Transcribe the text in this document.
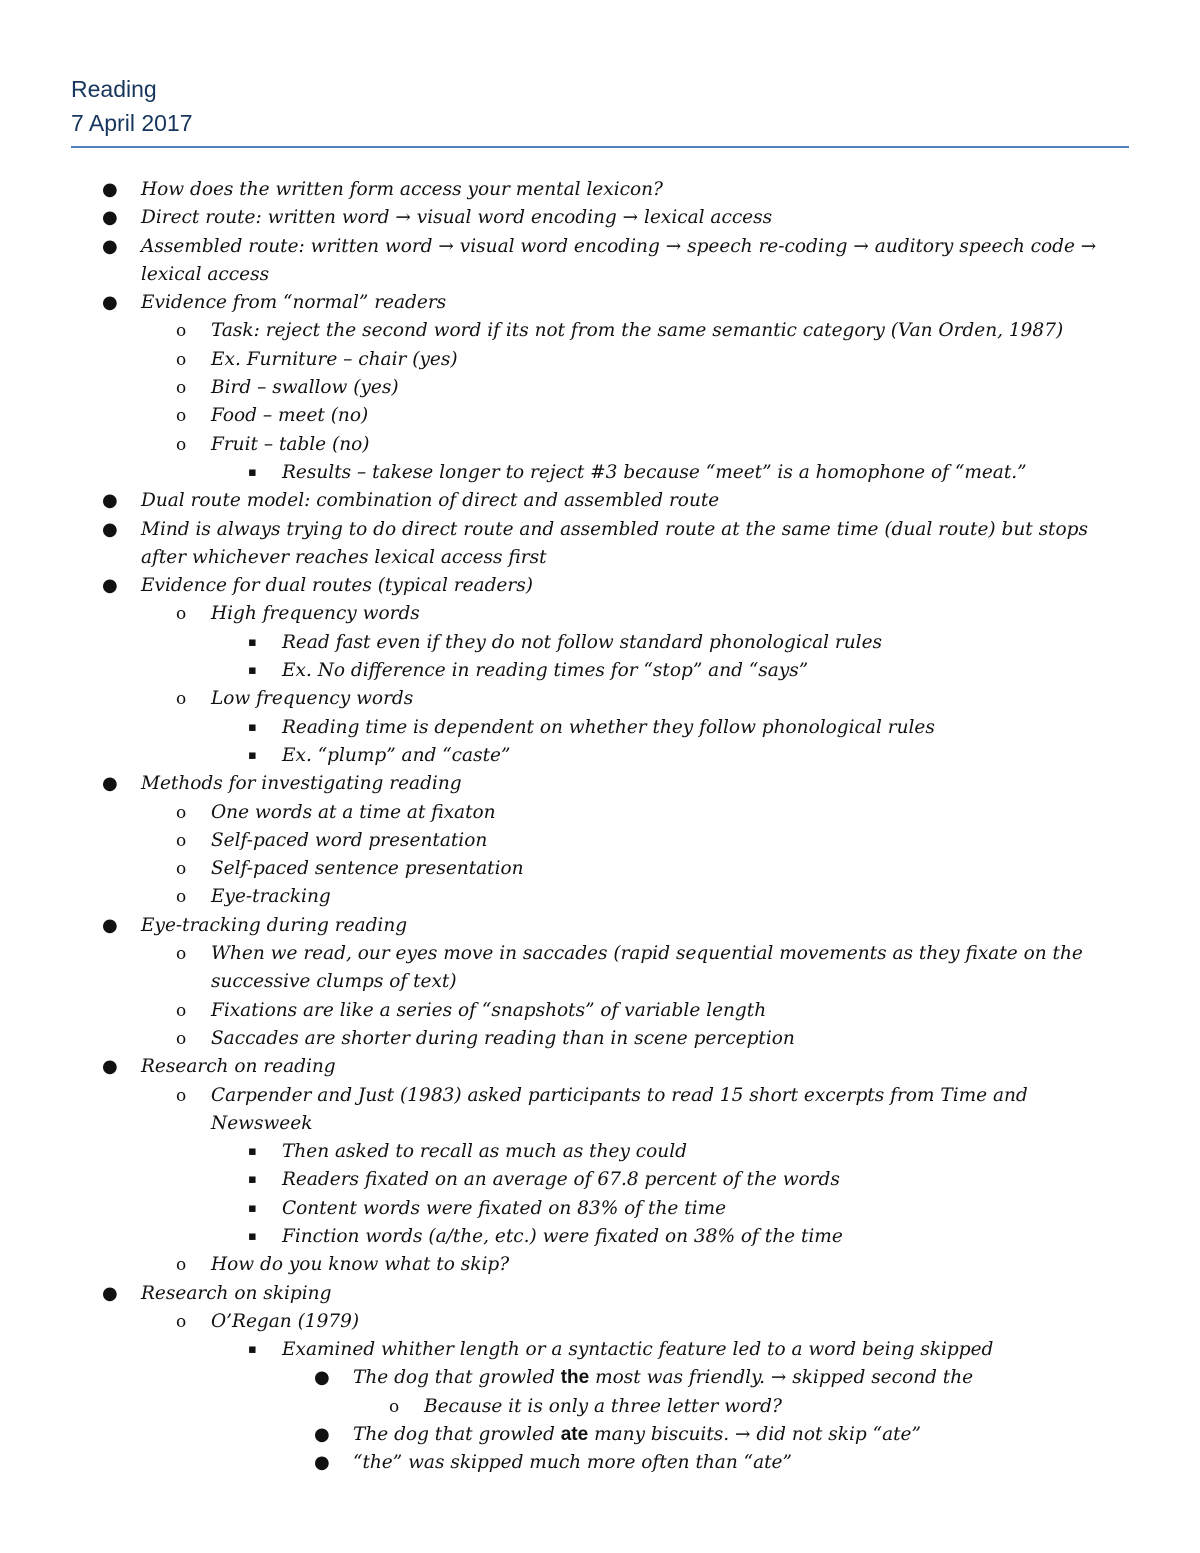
Reading
7 April 2017
● How does the written form access your mental lexicon?
● Direct route: written word → visual word encoding → lexical access
● Assembled route: written word → visual word encoding → speech re-coding → auditory speech code → lexical access
● Evidence from “normal” readers
o Task: reject the second word if its not from the same semantic category (Van Orden, 1987)
o Ex. Furniture – chair (yes)
o Bird – swallow (yes)
o Food – meet (no)
o Fruit – table (no)
▪ Results – takese longer to reject #3 because “meet” is a homophone of “meat.”
● Dual route model: combination of direct and assembled route
● Mind is always trying to do direct route and assembled route at the same time (dual route) but stops after whichever reaches lexical access first
● Evidence for dual routes (typical readers)
o High frequency words
▪ Read fast even if they do not follow standard phonological rules
▪ Ex. No difference in reading times for “stop” and “says”
o Low frequency words
▪ Reading time is dependent on whether they follow phonological rules
▪ Ex. “plump” and “caste”
● Methods for investigating reading
o One words at a time at fixaton
o Self-paced word presentation
o Self-paced sentence presentation
o Eye-tracking
● Eye-tracking during reading
o When we read, our eyes move in saccades (rapid sequential movements as they fixate on the successive clumps of text)
o Fixations are like a series of “snapshots” of variable length
o Saccades are shorter during reading than in scene perception
● Research on reading
o Carpender and Just (1983) asked participants to read 15 short excerpts from Time and Newsweek
▪ Then asked to recall as much as they could
▪ Readers fixated on an average of 67.8 percent of the words
▪ Content words were fixated on 83% of the time
▪ Finction words (a/the, etc.) were fixated on 38% of the time
o How do you know what to skip?
● Research on skiping
o O’Regan (1979)
▪ Examined whither length or a syntactic feature led to a word being skipped
● The dog that growled the most was friendly. → skipped second the
o Because it is only a three letter word?
● The dog that growled ate many biscuits. → did not skip “ate”
● “the” was skipped much more often than “ate”
